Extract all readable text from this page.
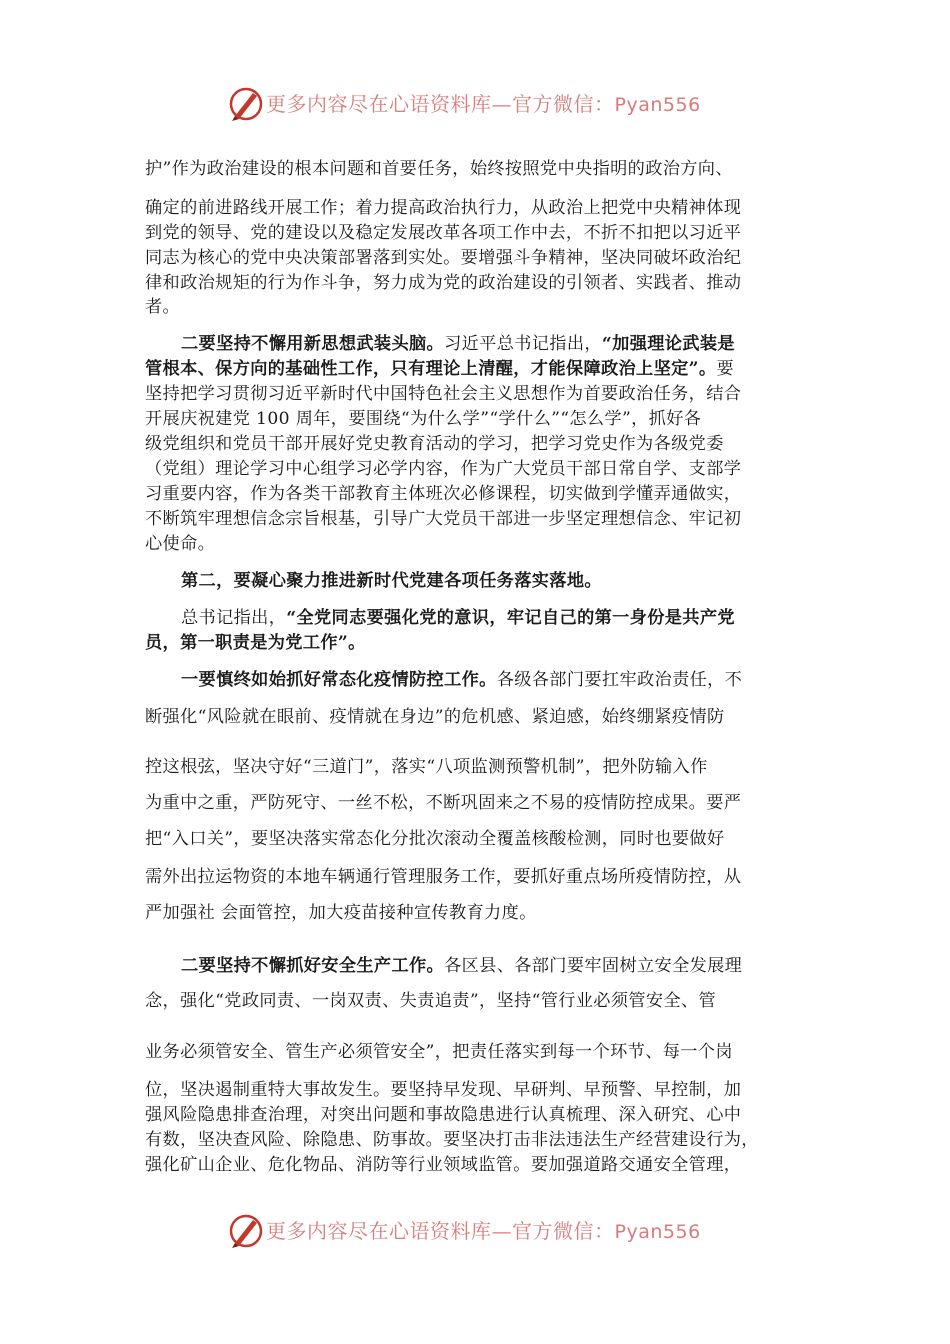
更多内容尽在心语资料库—官方微信：Pyan556
护”作为政治建设的根本问题和首要任务，始终按照党中央指明的政治方向、
确定的前进路线开展工作；着力提高政治执行力，从政治上把党中央精神体现
到党的领导、党的建设以及稳定发展改革各项工作中去，不折不扣把以习近平
同志为核心的党中央决策部署落到实处。要增强斗争精神，坚决同破坏政治纪
律和政治规矩的行为作斗争，努力成为党的政治建设的引领者、实践者、推动
者。
二要坚持不懈用新思想武装头脑。习近平总书记指出，“加强理论武装是
管根本、保方向的基础性工作，只有理论上清醒，才能保障政治上坚定”。要
坚持把学习贯彻习近平新时代中国特色社会主义思想作为首要政治任务，结合
开展庆祝建党 100 周年，要围绕“为什么学”“学什么”“怎么学”，抓好各
级党组织和党员干部开展好党史教育活动的学习，把学习党史作为各级党委
（党组）理论学习中心组学习必学内容，作为广大党员干部日常自学、支部学
习重要内容，作为各类干部教育主体班次必修课程，切实做到学懂弄通做实，
不断筑牢理想信念宗旨根基，引导广大党员干部进一步坚定理想信念、牢记初
心使命。
第二，要凝心聚力推进新时代党建各项任务落实落地。
总书记指出，“全党同志要强化党的意识，牢记自己的第一身份是共产党
员，第一职责是为党工作”。
一要慎终如始抓好常态化疫情防控工作。各级各部门要扛牢政治责任，不
断强化“风险就在眼前、疫情就在身边”的危机感、紧迫感，始终绷紧疫情防
控这根弦，坚决守好“三道门”，落实“八项监测预警机制”，把外防输入作
为重中之重，严防死守、一丝不松，不断巩固来之不易的疫情防控成果。要严
把“入口关”，要坚决落实常态化分批次滚动全覆盖核酸检测，同时也要做好
需外出拉运物资的本地车辆通行管理服务工作，要抓好重点场所疫情防控，从
严加强社 会面管控，加大疫苗接种宣传教育力度。
二要坚持不懈抓好安全生产工作。各区县、各部门要牢固树立安全发展理
念，强化“党政同责、一岗双责、失责追责”，坚持“管行业必须管安全、管
业务必须管安全、管生产必须管安全”，把责任落实到每一个环节、每一个岗
位，坚决遏制重特大事故发生。要坚持早发现、早研判、早预警、早控制，加
强风险隐患排查治理，对突出问题和事故隐患进行认真梳理、深入研究、心中
有数，坚决查风险、除隐患、防事故。要坚决打击非法违法生产经营建设行为，
强化矿山企业、危化物品、消防等行业领域监管。要加强道路交通安全管理，
更多内容尽在心语资料库—官方微信：Pyan556
